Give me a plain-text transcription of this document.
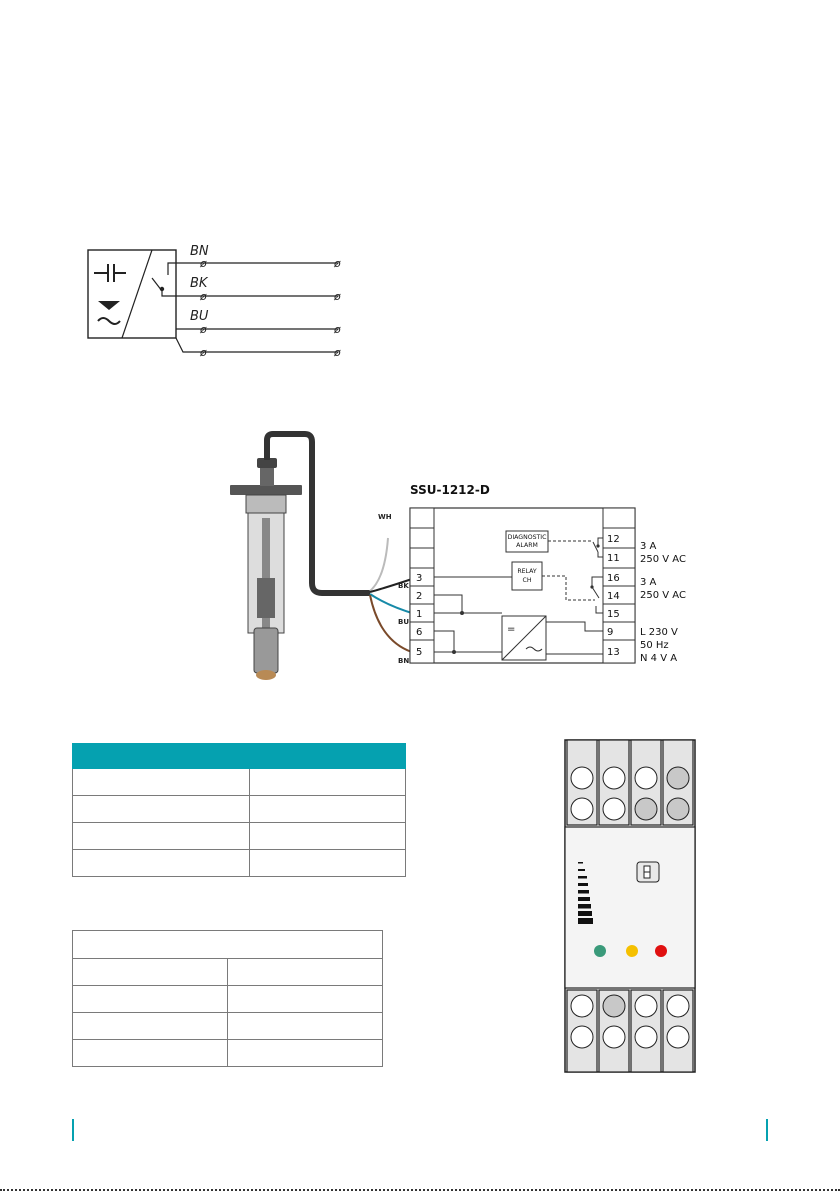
BN
BK
BU
ø	ø
ø	ø
ø	ø
ø	ø
WH
BK
BU
BN
SSU-1212-D
3
2
1
6
5
12
11
16
14
15
9
13
DIAGNOSTIC
ALARM
RELAY
CH
=
3 A
250 V AC
3 A
250 V AC
L 230 V
50 Hz
N 4 V A
